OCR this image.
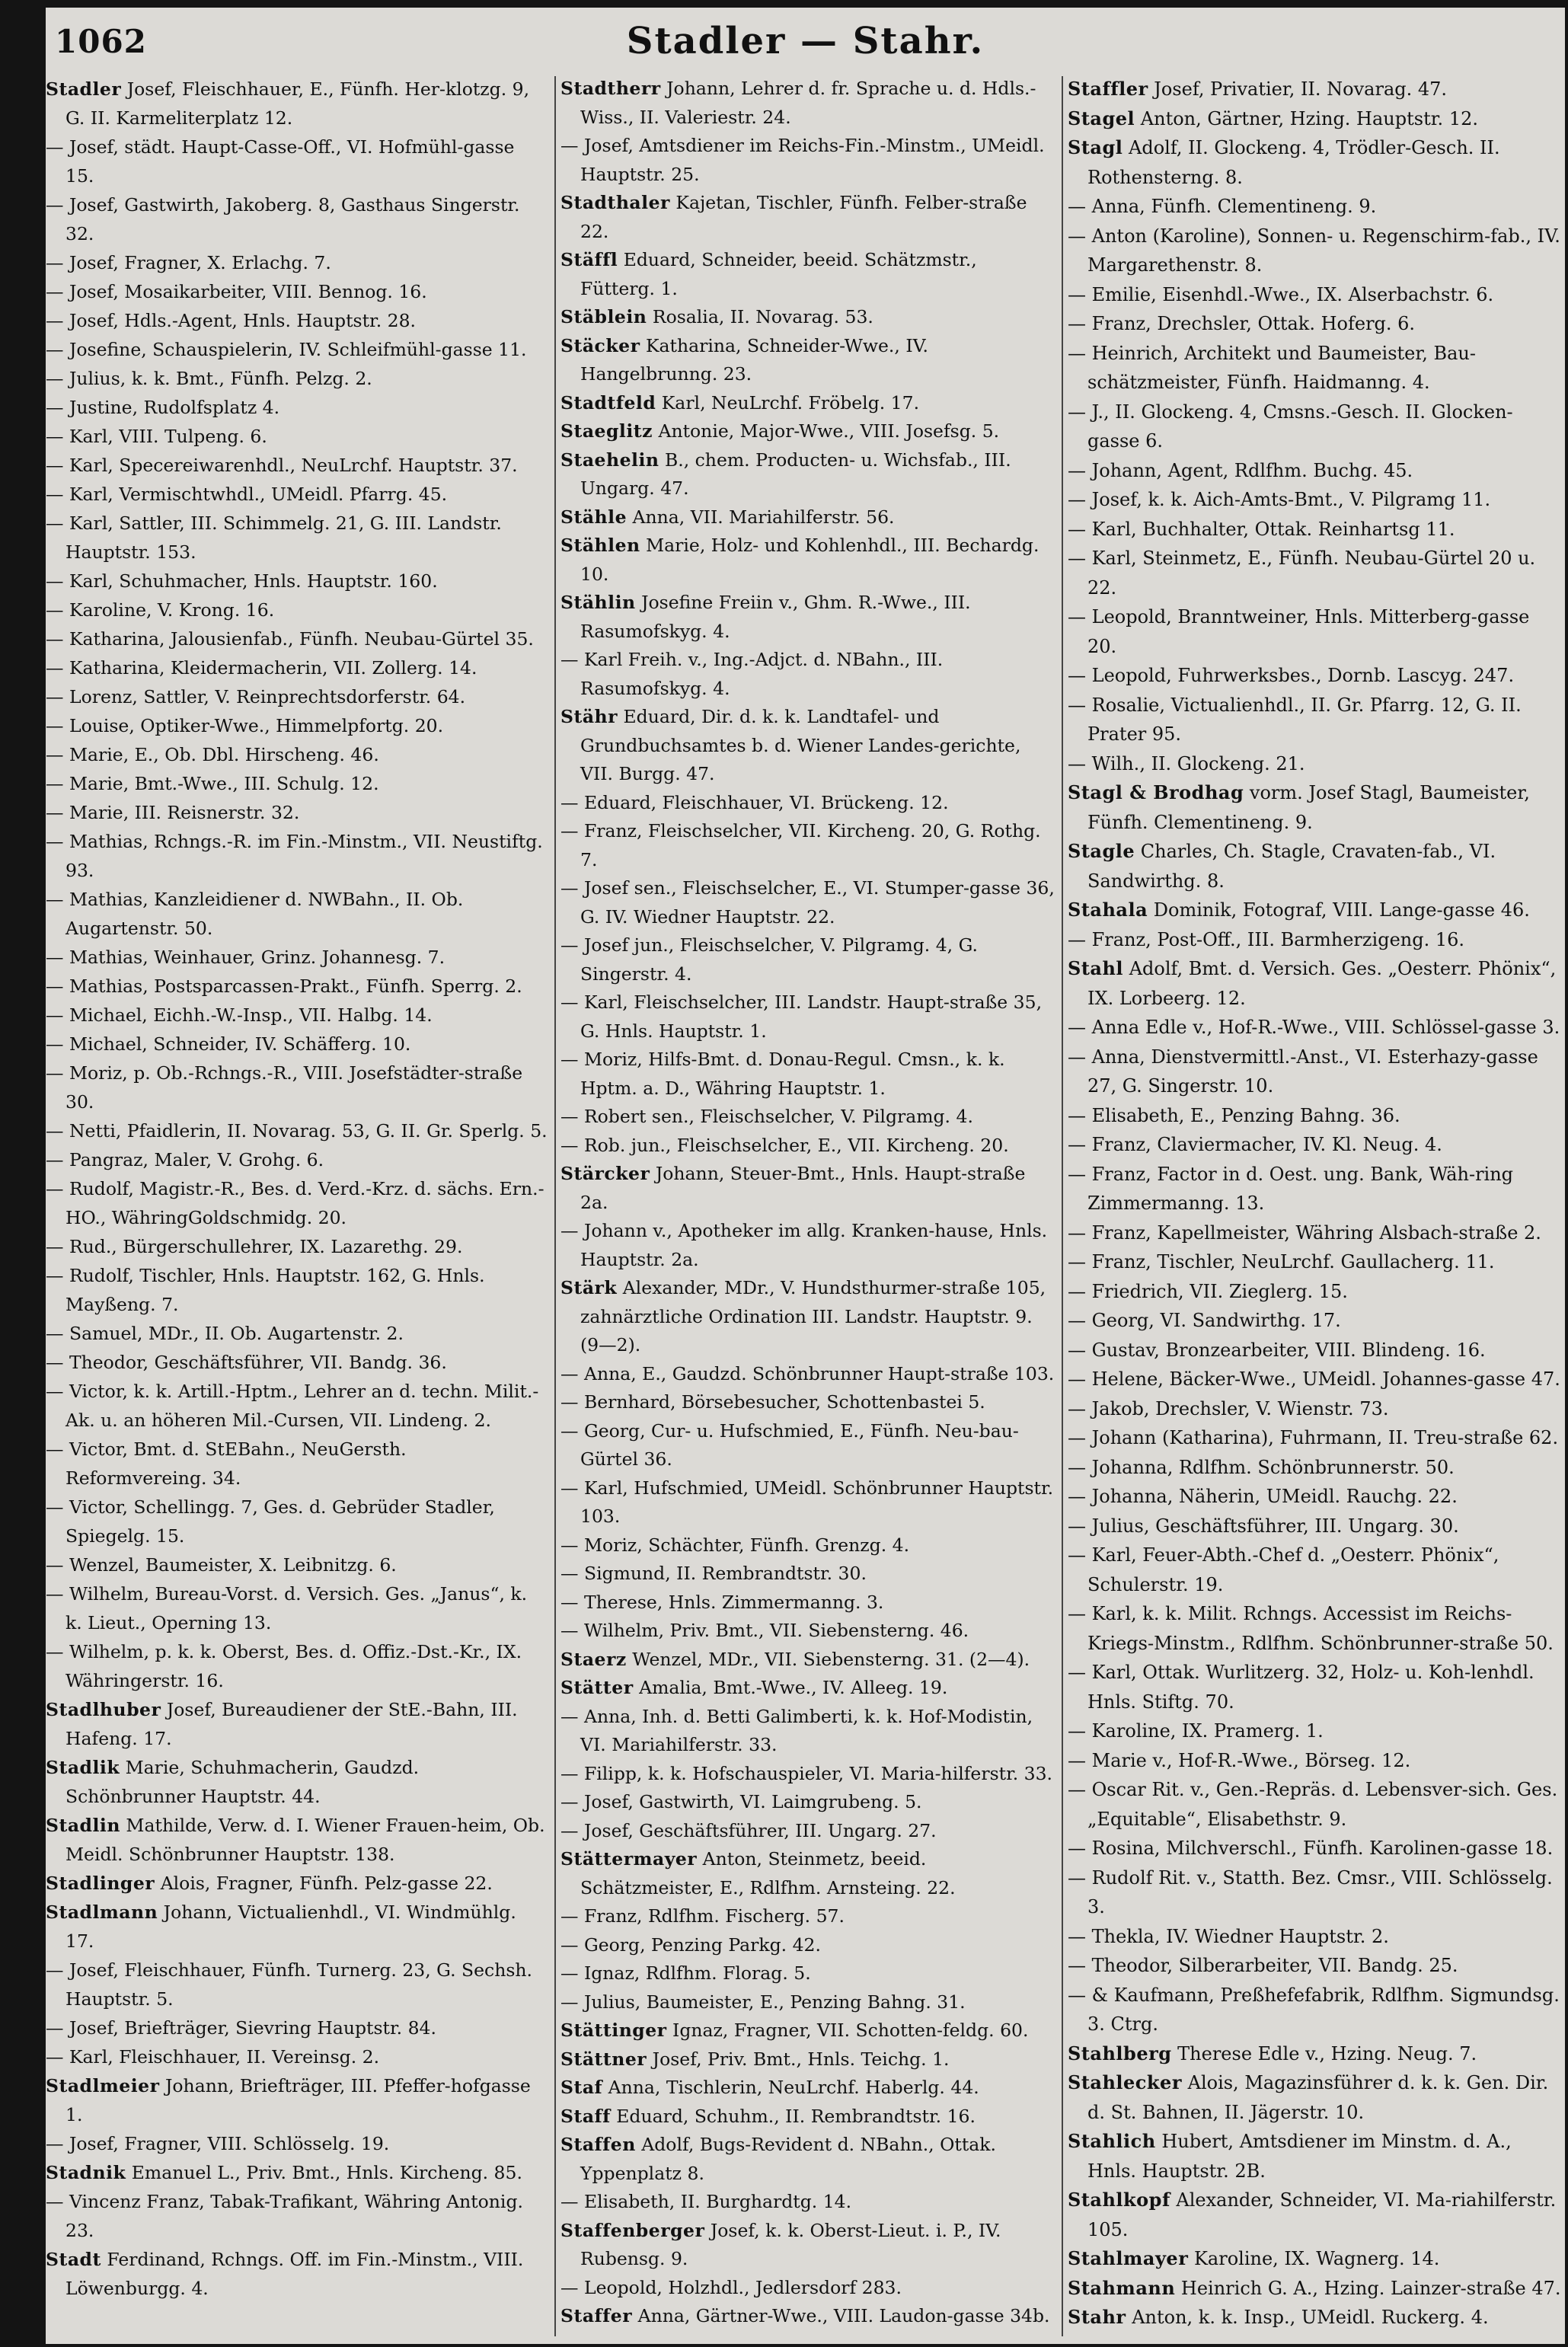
1062	Stadler — Stahr.

Stadler Josef, Fleischhauer, E., Fünfh. Her-klotzg. 9, G. II. Karmeliterplatz 12.

— Josef, städt. Haupt-Casse-Off., VI. Hofmühl-gasse 15.

— Josef, Gastwirth, Jakoberg. 8, Gasthaus Singerstr. 32.

— Josef, Fragner, X. Erlachg. 7.

— Josef, Mosaikarbeiter, VIII. Bennog. 16.

— Josef, Hdls.-Agent, Hnls. Hauptstr. 28.

— Josefine, Schauspielerin, IV. Schleifmühl-gasse 11.

— Julius, k. k. Bmt., Fünfh. Pelzg. 2.

— Justine, Rudolfsplatz 4.

— Karl, VIII. Tulpeng. 6.

— Karl, Specereiwarenhdl., NeuLrchf. Hauptstr. 37.

— Karl, Vermischtwhdl., UMeidl. Pfarrg. 45.

— Karl, Sattler, III. Schimmelg. 21, G. III. Landstr. Hauptstr. 153.

— Karl, Schuhmacher, Hnls. Hauptstr. 160.

— Karoline, V. Krong. 16.

— Katharina, Jalousienfab., Fünfh. Neubau-Gürtel 35.

— Katharina, Kleidermacherin, VII. Zollerg. 14.

— Lorenz, Sattler, V. Reinprechtsdorferstr. 64.

— Louise, Optiker-Wwe., Himmelpfortg. 20.

— Marie, E., Ob. Dbl. Hirscheng. 46.

— Marie, Bmt.-Wwe., III. Schulg. 12.

— Marie, III. Reisnerstr. 32.

— Mathias, Rchngs.-R. im Fin.-Minstm., VII. Neustiftg. 93.

— Mathias, Kanzleidiener d. NWBahn., II. Ob. Augartenstr. 50.

— Mathias, Weinhauer, Grinz. Johannesg. 7.

— Mathias, Postsparcassen-Prakt., Fünfh. Sperrg. 2.

— Michael, Eichh.-W.-Insp., VII. Halbg. 14.

— Michael, Schneider, IV. Schäfferg. 10.

— Moriz, p. Ob.-Rchngs.-R., VIII. Josefstädter-straße 30.

— Netti, Pfaidlerin, II. Novarag. 53, G. II. Gr. Sperlg. 5.

— Pangraz, Maler, V. Grohg. 6.

— Rudolf, Magistr.-R., Bes. d. Verd.-Krz. d. sächs. Ern.-HO., WähringGoldschmidg. 20.

— Rud., Bürgerschullehrer, IX. Lazarethg. 29.

— Rudolf, Tischler, Hnls. Hauptstr. 162, G. Hnls. Mayßeng. 7.

— Samuel, MDr., II. Ob. Augartenstr. 2.

— Theodor, Geschäftsführer, VII. Bandg. 36.

— Victor, k. k. Artill.-Hptm., Lehrer an d. techn. Milit.-Ak. u. an höheren Mil.-Cursen, VII. Lindeng. 2.

— Victor, Bmt. d. StEBahn., NeuGersth. Reformvereing. 34.

— Victor, Schellingg. 7, Ges. d. Gebrüder Stadler, Spiegelg. 15.

— Wenzel, Baumeister, X. Leibnitzg. 6.

— Wilhelm, Bureau-Vorst. d. Versich. Ges. „Janus“, k. k. Lieut., Operning 13.

— Wilhelm, p. k. k. Oberst, Bes. d. Offiz.-Dst.-Kr., IX. Währingerstr. 16.

Stadlhuber Josef, Bureaudiener der StE.-Bahn, III. Hafeng. 17.

Stadlik Marie, Schuhmacherin, Gaudzd. Schönbrunner Hauptstr. 44.

Stadlin Mathilde, Verw. d. I. Wiener Frauen-heim, Ob. Meidl. Schönbrunner Hauptstr. 138.

Stadlinger Alois, Fragner, Fünfh. Pelz-gasse 22.

Stadlmann Johann, Victualienhdl., VI. Windmühlg. 17.

— Josef, Fleischhauer, Fünfh. Turnerg. 23, G. Sechsh. Hauptstr. 5.

— Josef, Briefträger, Sievring Hauptstr. 84.

— Karl, Fleischhauer, II. Vereinsg. 2.

Stadlmeier Johann, Briefträger, III. Pfeffer-hofgasse 1.

— Josef, Fragner, VIII. Schlösselg. 19.

Stadnik Emanuel L., Priv. Bmt., Hnls. Kircheng. 85.

— Vincenz Franz, Tabak-Trafikant, Währing Antonig. 23.

Stadt Ferdinand, Rchngs. Off. im Fin.-Minstm., VIII. Löwenburgg. 4.

Stadtherr Johann, Lehrer d. fr. Sprache u. d. Hdls.-Wiss., II. Valeriestr. 24.

— Josef, Amtsdiener im Reichs-Fin.-Minstm., UMeidl. Hauptstr. 25.

Stadthaler Kajetan, Tischler, Fünfh. Felber-straße 22.

Stäffl Eduard, Schneider, beeid. Schätzmstr., Fütterg. 1.

Stäblein Rosalia, II. Novarag. 53.

Stäcker Katharina, Schneider-Wwe., IV. Hangelbrunng. 23.

Stadtfeld Karl, NeuLrchf. Fröbelg. 17.

Staeglitz Antonie, Major-Wwe., VIII. Josefsg. 5.

Staehelin B., chem. Producten- u. Wichsfab., III. Ungarg. 47.

Stähle Anna, VII. Mariahilferstr. 56.

Stählen Marie, Holz- und Kohlenhdl., III. Bechardg. 10.

Stählin Josefine Freiin v., Ghm. R.-Wwe., III. Rasumofskyg. 4.

— Karl Freih. v., Ing.-Adjct. d. NBahn., III. Rasumofskyg. 4.

Stähr Eduard, Dir. d. k. k. Landtafel- und Grundbuchsamtes b. d. Wiener Landes-gerichte, VII. Burgg. 47.

— Eduard, Fleischhauer, VI. Brückeng. 12.

— Franz, Fleischselcher, VII. Kircheng. 20, G. Rothg. 7.

— Josef sen., Fleischselcher, E., VI. Stumper-gasse 36, G. IV. Wiedner Hauptstr. 22.

— Josef jun., Fleischselcher, V. Pilgramg. 4, G. Singerstr. 4.

— Karl, Fleischselcher, III. Landstr. Haupt-straße 35, G. Hnls. Hauptstr. 1.

— Moriz, Hilfs-Bmt. d. Donau-Regul. Cmsn., k. k. Hptm. a. D., Währing Hauptstr. 1.

— Robert sen., Fleischselcher, V. Pilgramg. 4.

— Rob. jun., Fleischselcher, E., VII. Kircheng. 20.

Stärcker Johann, Steuer-Bmt., Hnls. Haupt-straße 2a.

— Johann v., Apotheker im allg. Kranken-hause, Hnls. Hauptstr. 2a.

Stärk Alexander, MDr., V. Hundsthurmer-straße 105, zahnärztliche Ordination III. Landstr. Hauptstr. 9. (9—2).

— Anna, E., Gaudzd. Schönbrunner Haupt-straße 103.

— Bernhard, Börsebesucher, Schottenbastei 5.

— Georg, Cur- u. Hufschmied, E., Fünfh. Neu-bau-Gürtel 36.

— Karl, Hufschmied, UMeidl. Schönbrunner Hauptstr. 103.

— Moriz, Schächter, Fünfh. Grenzg. 4.

— Sigmund, II. Rembrandtstr. 30.

— Therese, Hnls. Zimmermanng. 3.

— Wilhelm, Priv. Bmt., VII. Siebensterng. 46.

Staerz Wenzel, MDr., VII. Siebensterng. 31. (2—4).

Stätter Amalia, Bmt.-Wwe., IV. Alleeg. 19.

— Anna, Inh. d. Betti Galimberti, k. k. Hof-Modistin, VI. Mariahilferstr. 33.

— Filipp, k. k. Hofschauspieler, VI. Maria-hilferstr. 33.

— Josef, Gastwirth, VI. Laimgrubeng. 5.

— Josef, Geschäftsführer, III. Ungarg. 27.

Stättermayer Anton, Steinmetz, beeid. Schätzmeister, E., Rdlfhm. Arnsteing. 22.

— Franz, Rdlfhm. Fischerg. 57.

— Georg, Penzing Parkg. 42.

— Ignaz, Rdlfhm. Florag. 5.

— Julius, Baumeister, E., Penzing Bahng. 31.

Stättinger Ignaz, Fragner, VII. Schotten-feldg. 60.

Stättner Josef, Priv. Bmt., Hnls. Teichg. 1.

Staf Anna, Tischlerin, NeuLrchf. Haberlg. 44.

Staff Eduard, Schuhm., II. Rembrandtstr. 16.

Staffen Adolf, Bugs-Revident d. NBahn., Ottak. Yppenplatz 8.

— Elisabeth, II. Burghardtg. 14.

Staffenberger Josef, k. k. Oberst-Lieut. i. P., IV. Rubensg. 9.

— Leopold, Holzhdl., Jedlersdorf 283.

Staffer Anna, Gärtner-Wwe., VIII. Laudon-gasse 34b.

Staffler Josef, Privatier, II. Novarag. 47.

Stagel Anton, Gärtner, Hzing. Hauptstr. 12.

Stagl Adolf, II. Glockeng. 4, Trödler-Gesch. II. Rothensterng. 8.

— Anna, Fünfh. Clementineng. 9.

— Anton (Karoline), Sonnen- u. Regenschirm-fab., IV. Margarethenstr. 8.

— Emilie, Eisenhdl.-Wwe., IX. Alserbachstr. 6.

— Franz, Drechsler, Ottak. Hoferg. 6.

— Heinrich, Architekt und Baumeister, Bau-schätzmeister, Fünfh. Haidmanng. 4.

— J., II. Glockeng. 4, Cmsns.-Gesch. II. Glocken-gasse 6.

— Johann, Agent, Rdlfhm. Buchg. 45.

— Josef, k. k. Aich-Amts-Bmt., V. Pilgramg 11.

— Karl, Buchhalter, Ottak. Reinhartsg 11.

— Karl, Steinmetz, E., Fünfh. Neubau-Gürtel 20 u. 22.

— Leopold, Branntweiner, Hnls. Mitterberg-gasse 20.

— Leopold, Fuhrwerksbes., Dornb. Lascyg. 247.

— Rosalie, Victualienhdl., II. Gr. Pfarrg. 12, G. II. Prater 95.

— Wilh., II. Glockeng. 21.

Stagl & Brodhag vorm. Josef Stagl, Baumeister, Fünfh. Clementineng. 9.

Stagle Charles, Ch. Stagle, Cravaten-fab., VI. Sandwirthg. 8.

Stahala Dominik, Fotograf, VIII. Lange-gasse 46.

— Franz, Post-Off., III. Barmherzigeng. 16.

Stahl Adolf, Bmt. d. Versich. Ges. „Oesterr. Phönix“, IX. Lorbeerg. 12.

— Anna Edle v., Hof-R.-Wwe., VIII. Schlössel-gasse 3.

— Anna, Dienstvermittl.-Anst., VI. Esterhazy-gasse 27, G. Singerstr. 10.

— Elisabeth, E., Penzing Bahng. 36.

— Franz, Claviermacher, IV. Kl. Neug. 4.

— Franz, Factor in d. Oest. ung. Bank, Wäh-ring Zimmermanng. 13.

— Franz, Kapellmeister, Währing Alsbach-straße 2.

— Franz, Tischler, NeuLrchf. Gaullacherg. 11.

— Friedrich, VII. Zieglerg. 15.

— Georg, VI. Sandwirthg. 17.

— Gustav, Bronzearbeiter, VIII. Blindeng. 16.

— Helene, Bäcker-Wwe., UMeidl. Johannes-gasse 47.

— Jakob, Drechsler, V. Wienstr. 73.

— Johann (Katharina), Fuhrmann, II. Treu-straße 62.

— Johanna, Rdlfhm. Schönbrunnerstr. 50.

— Johanna, Näherin, UMeidl. Rauchg. 22.

— Julius, Geschäftsführer, III. Ungarg. 30.

— Karl, Feuer-Abth.-Chef d. „Oesterr. Phönix“, Schulerstr. 19.

— Karl, k. k. Milit. Rchngs. Accessist im Reichs-Kriegs-Minstm., Rdlfhm. Schönbrunner-straße 50.

— Karl, Ottak. Wurlitzerg. 32, Holz- u. Koh-lenhdl. Hnls. Stiftg. 70.

— Karoline, IX. Pramerg. 1.

— Marie v., Hof-R.-Wwe., Börseg. 12.

— Oscar Rit. v., Gen.-Repräs. d. Lebensver-sich. Ges. „Equitable“, Elisabethstr. 9.

— Rosina, Milchverschl., Fünfh. Karolinen-gasse 18.

— Rudolf Rit. v., Statth. Bez. Cmsr., VIII. Schlösselg. 3.

— Thekla, IV. Wiedner Hauptstr. 2.

— Theodor, Silberarbeiter, VII. Bandg. 25.

— & Kaufmann, Preßhefefabrik, Rdlfhm. Sigmundsg. 3. Ctrg.

Stahlberg Therese Edle v., Hzing. Neug. 7.

Stahlecker Alois, Magazinsführer d. k. k. Gen. Dir. d. St. Bahnen, II. Jägerstr. 10.

Stahlich Hubert, Amtsdiener im Minstm. d. A., Hnls. Hauptstr. 2B.

Stahlkopf Alexander, Schneider, VI. Ma-riahilferstr. 105.

Stahlmayer Karoline, IX. Wagnerg. 14.

Stahmann Heinrich G. A., Hzing. Lainzer-straße 47.

Stahr Anton, k. k. Insp., UMeidl. Ruckerg. 4.
